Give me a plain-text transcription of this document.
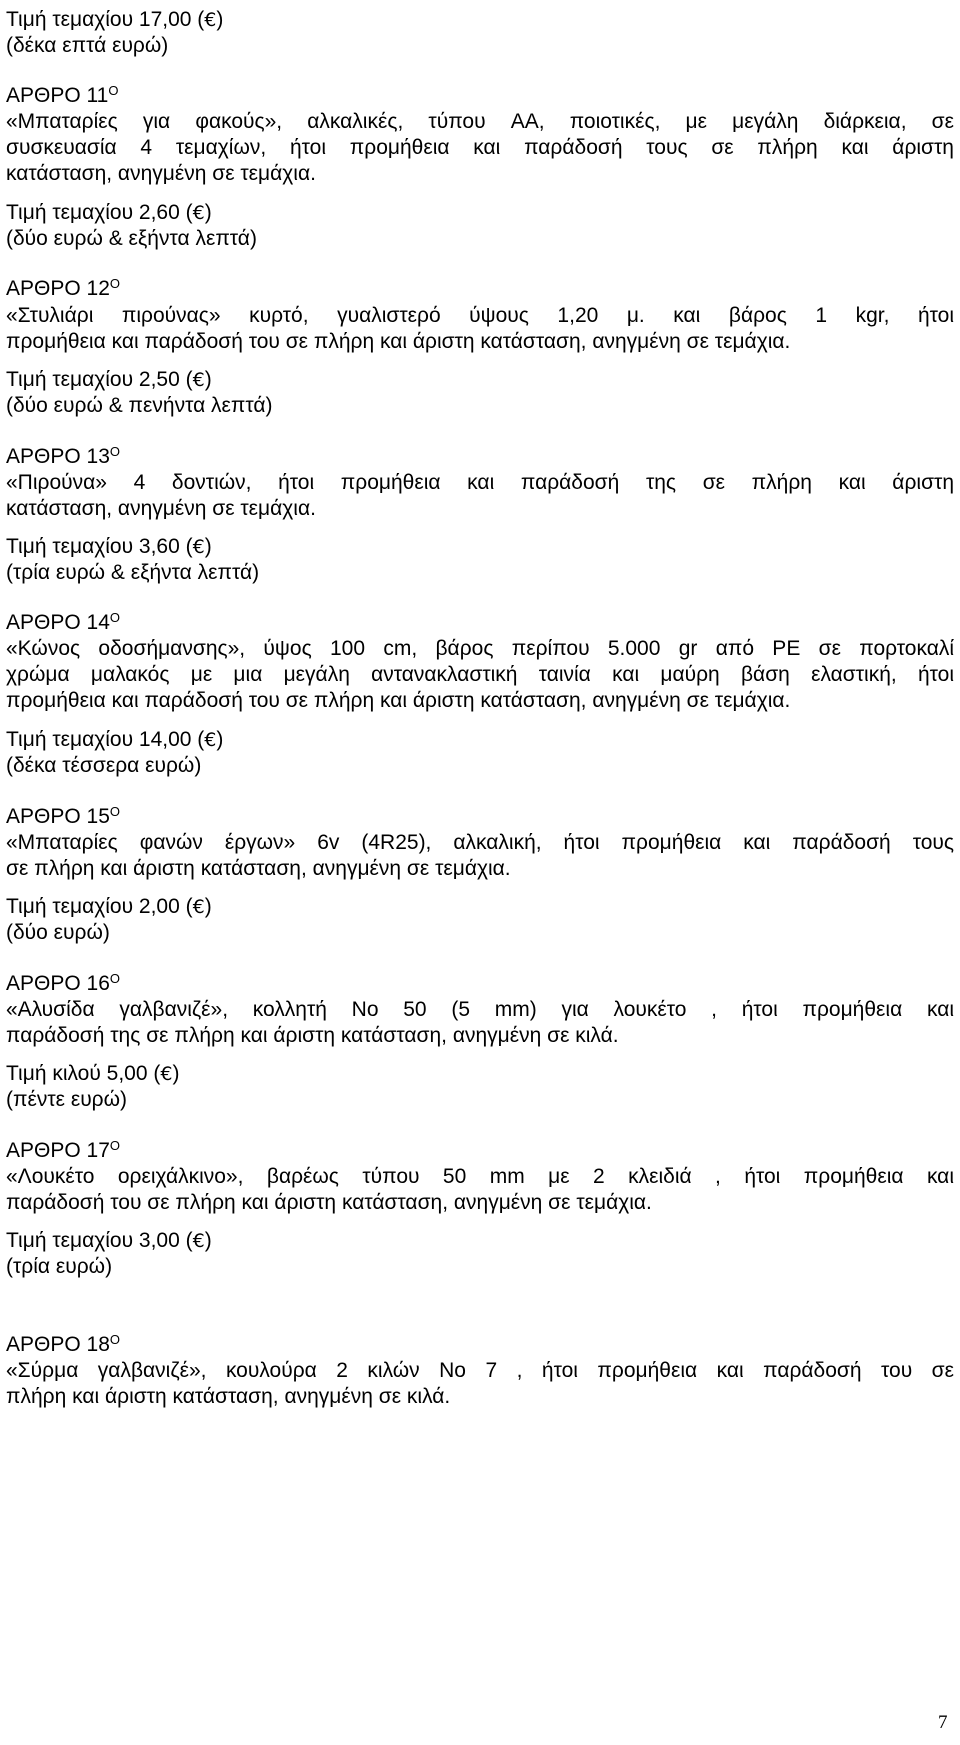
Τιμή τεμαχίου 17,00 (€)
(δέκα επτά ευρώ)
ΑΡΘΡΟ $11^O$
«Μπαταρίες για φακούς», αλκαλικές, τύπου AA, ποιοτικές, με μεγάλη διάρκεια, σε
συσκευασία 4 τεμαχίων, ήτοι προμήθεια και παράδοσή τους σε πλήρη και άριστη
κατάσταση, ανηγμένη σε τεμάχια.
Τιμή τεμαχίου 2,60 (€)
(δύο ευρώ & εξήντα λεπτά)
ΑΡΘΡΟ $12^O$
«Στυλιάρι πιρούνας» κυρτό, γυαλιστερό ύψους 1,20 μ. και βάρος 1 kgr, ήτοι
προμήθεια και παράδοσή του σε πλήρη και άριστη κατάσταση, ανηγμένη σε τεμάχια.
Τιμή τεμαχίου 2,50 (€)
(δύο ευρώ & πενήντα λεπτά)
ΑΡΘΡΟ $13^O$
«Πιρούνα» 4 δοντιών, ήτοι προμήθεια και παράδοσή της σε πλήρη και άριστη
κατάσταση, ανηγμένη σε τεμάχια.
Τιμή τεμαχίου 3,60 (€)
(τρία ευρώ & εξήντα λεπτά)
ΑΡΘΡΟ $14^O$
«Κώνος οδοσήμανσης», ύψος 100 cm, βάρος περίπου 5.000 gr από PE σε πορτοκαλί
χρώμα μαλακός με μια μεγάλη αντανακλαστική ταινία και μαύρη βάση ελαστική, ήτοι
προμήθεια και παράδοσή του σε πλήρη και άριστη κατάσταση, ανηγμένη σε τεμάχια.
Τιμή τεμαχίου 14,00 (€)
(δέκα τέσσερα ευρώ)
ΑΡΘΡΟ $15^O$
«Μπαταρίες φανών έργων» 6v (4R25), αλκαλική, ήτοι προμήθεια και παράδοσή τους
σε πλήρη και άριστη κατάσταση, ανηγμένη σε τεμάχια.
Τιμή τεμαχίου 2,00 (€)
(δύο ευρώ)
ΑΡΘΡΟ $16^O$
«Αλυσίδα γαλβανιζέ», κολλητή Νο 50 (5 mm) για λουκέτο , ήτοι προμήθεια και
παράδοσή της σε πλήρη και άριστη κατάσταση, ανηγμένη σε κιλά.
Τιμή κιλού 5,00 (€)
(πέντε ευρώ)
ΑΡΘΡΟ $17^O$
«Λουκέτο ορειχάλκινο», βαρέως τύπου 50 mm με 2 κλειδιά , ήτοι προμήθεια και
παράδοσή του σε πλήρη και άριστη κατάσταση, ανηγμένη σε τεμάχια.
Τιμή τεμαχίου 3,00 (€)
(τρία ευρώ)
ΑΡΘΡΟ $18^O$
«Σύρμα γαλβανιζέ», κουλούρα 2 κιλών Νο 7 , ήτοι προμήθεια και παράδοσή του σε
πλήρη και άριστη κατάσταση, ανηγμένη σε κιλά.
7
